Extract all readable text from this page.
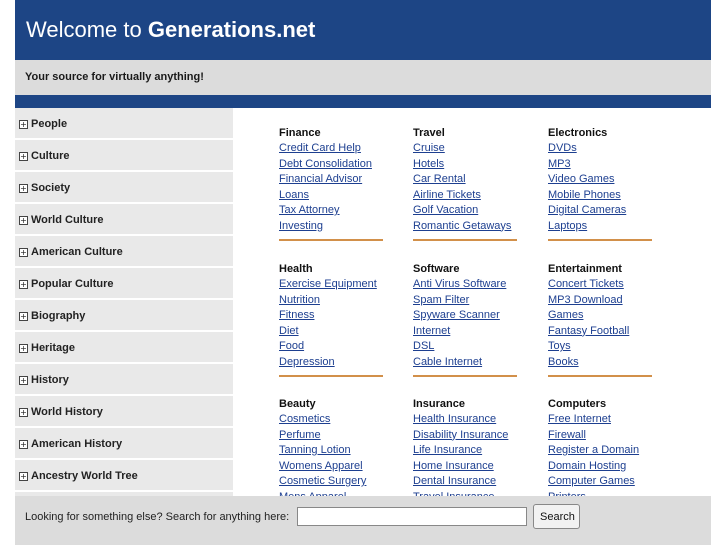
Welcome to Generations.net
Your source for virtually anything!
+ People
+ Culture
+ Society
+ World Culture
+ American Culture
+ Popular Culture
+ Biography
+ Heritage
+ History
+ World History
+ American History
+ Ancestry World Tree
Finance
Credit Card Help
Debt Consolidation
Financial Advisor
Loans
Tax Attorney
Investing
Travel
Cruise
Hotels
Car Rental
Airline Tickets
Golf Vacation
Romantic Getaways
Electronics
DVDs
MP3
Video Games
Mobile Phones
Digital Cameras
Laptops
Health
Exercise Equipment
Nutrition
Fitness
Diet
Food
Depression
Software
Anti Virus Software
Spam Filter
Spyware Scanner
Internet
DSL
Cable Internet
Entertainment
Concert Tickets
MP3 Download
Games
Fantasy Football
Toys
Books
Beauty
Cosmetics
Perfume
Tanning Lotion
Womens Apparel
Cosmetic Surgery
Insurance
Health Insurance
Disability Insurance
Life Insurance
Home Insurance
Dental Insurance
Computers
Free Internet
Firewall
Register a Domain
Domain Hosting
Computer Games
Looking for something else? Search for anything here:	Search
